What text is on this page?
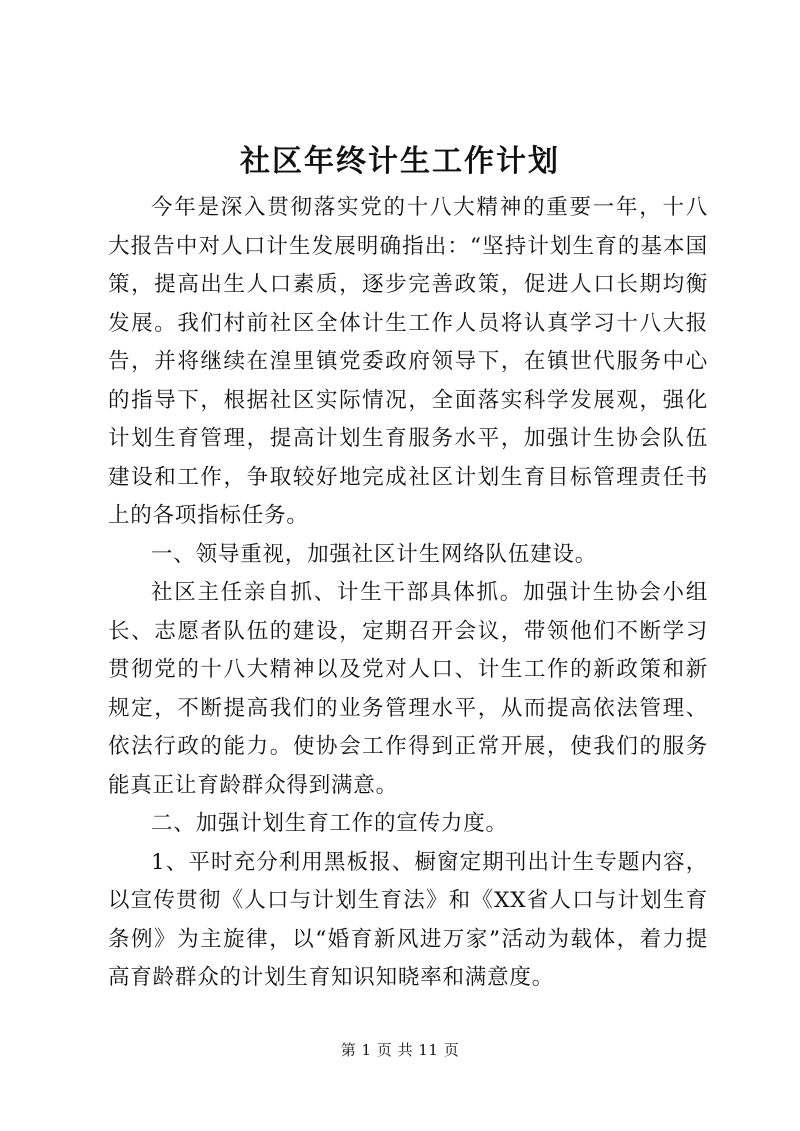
社区年终计生工作计划

今年是深入贯彻落实党的十八大精神的重要一年，十八大报告中对人口计生发展明确指出：“坚持计划生育的基本国策，提高出生人口素质，逐步完善政策，促进人口长期均衡发展。我们村前社区全体计生工作人员将认真学习十八大报告，并将继续在湟里镇党委政府领导下，在镇世代服务中心的指导下，根据社区实际情况，全面落实科学发展观，强化计划生育管理，提高计划生育服务水平，加强计生协会队伍建设和工作，争取较好地完成社区计划生育目标管理责任书上的各项指标任务。

一、领导重视，加强社区计生网络队伍建设。

社区主任亲自抓、计生干部具体抓。加强计生协会小组长、志愿者队伍的建设，定期召开会议，带领他们不断学习贯彻党的十八大精神以及党对人口、计生工作的新政策和新规定，不断提高我们的业务管理水平，从而提高依法管理、依法行政的能力。使协会工作得到正常开展，使我们的服务能真正让育龄群众得到满意。

二、加强计划生育工作的宣传力度。

1、平时充分利用黑板报、橱窗定期刊出计生专题内容，以宣传贯彻《人口与计划生育法》和《XX省人口与计划生育条例》为主旋律，以“婚育新风进万家”活动为载体，着力提高育龄群众的计划生育知识知晓率和满意度。

第 1 页 共 11 页
